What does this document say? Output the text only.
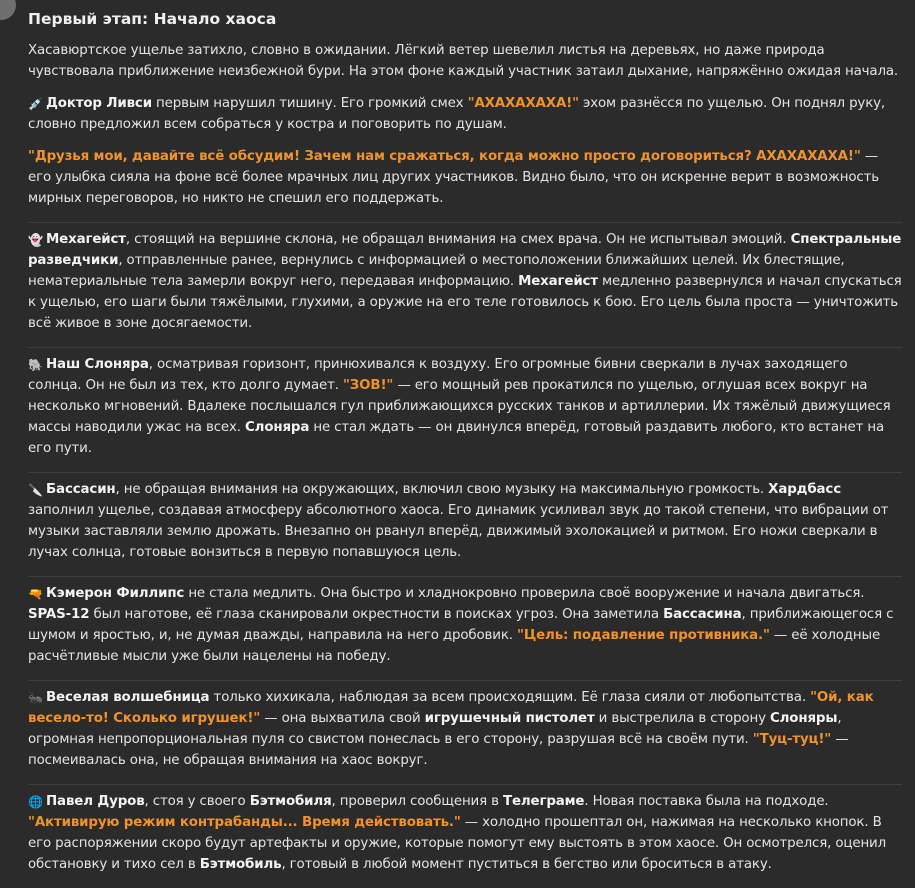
Первый этап: Начало хаоса

Хасавюртское ущелье затихло, словно в ожидании. Лёгкий ветер шевелил листья на деревьях, но даже природа чувствовала приближение неизбежной бури. На этом фоне каждый участник затаил дыхание, напряжённо ожидая начала.

💉 Доктор Ливси первым нарушил тишину. Его громкий смех "АХАХАХАХА!" эхом разнёсся по ущелью. Он поднял руку, словно предложил всем собраться у костра и поговорить по душам.

"Друзья мои, давайте всё обсудим! Зачем нам сражаться, когда можно просто договориться? АХАХАХАХА!" — его улыбка сияла на фоне всё более мрачных лиц других участников. Видно было, что он искренне верит в возможность мирных переговоров, но никто не спешил его поддержать.

👻 Мехагейст, стоящий на вершине склона, не обращал внимания на смех врача. Он не испытывал эмоций. Спектральные разведчики, отправленные ранее, вернулись с информацией о местоположении ближайших целей. Их блестящие, нематериальные тела замерли вокруг него, передавая информацию. Мехагейст медленно развернулся и начал спускаться к ущелью, его шаги были тяжёлыми, глухими, а оружие на его теле готовилось к бою. Его цель была проста — уничтожить всё живое в зоне досягаемости.

🐘 Наш Слоняра, осматривая горизонт, принюхивался к воздуху. Его огромные бивни сверкали в лучах заходящего солнца. Он не был из тех, кто долго думает. "ЗОВ!" — его мощный рев прокатился по ущелью, оглушая всех вокруг на несколько мгновений. Вдалеке послышался гул приближающихся русских танков и артиллерии. Их тяжёлый движущиеся массы наводили ужас на всех. Слоняра не стал ждать — он двинулся вперёд, готовый раздавить любого, кто встанет на его пути.

🔪 Бассасин, не обращая внимания на окружающих, включил свою музыку на максимальную громкость. Хардбасс заполнил ущелье, создавая атмосферу абсолютного хаоса. Его динамик усиливал звук до такой степени, что вибрации от музыки заставляли землю дрожать. Внезапно он рванул вперёд, движимый эхолокацией и ритмом. Его ножи сверкали в лучах солнца, готовые вонзиться в первую попавшуюся цель.

🔫 Кэмерон Филлипс не стала медлить. Она быстро и хладнокровно проверила своё вооружение и начала двигаться. SPAS-12 был наготове, её глаза сканировали окрестности в поисках угроз. Она заметила Бассасина, приближающегося с шумом и яростью, и, не думая дважды, направила на него дробовик. "Цель: подавление противника." — её холодные расчётливые мысли уже были нацелены на победу.

🐜 Веселая волшебница только хихикала, наблюдая за всем происходящим. Её глаза сияли от любопытства. "Ой, как весело-то! Сколько игрушек!" — она выхватила свой игрушечный пистолет и выстрелила в сторону Слоняры, огромная непропорциональная пуля со свистом понеслась в его сторону, разрушая всё на своём пути. "Туц-туц!" — посмеивалась она, не обращая внимания на хаос вокруг.

🌐 Павел Дуров, стоя у своего Бэтмобиля, проверил сообщения в Телеграме. Новая поставка была на подходе. "Активирую режим контрабанды... Время действовать." — холодно прошептал он, нажимая на несколько кнопок. В его распоряжении скоро будут артефакты и оружие, которые помогут ему выстоять в этом хаосе. Он осмотрелся, оценил обстановку и тихо сел в Бэтмобиль, готовый в любой момент пуститься в бегство или броситься в атаку.
